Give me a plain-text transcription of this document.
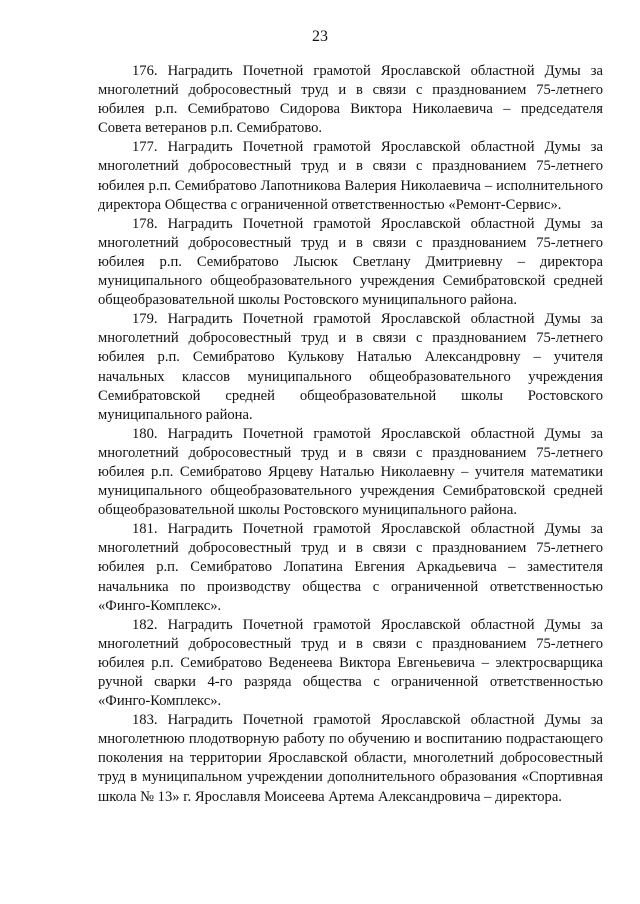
23

176. Наградить Почетной грамотой Ярославской областной Думы за многолетний добросовестный труд и в связи с празднованием 75-летнего юбилея р.п. Семибратово Сидорова Виктора Николаевича – председателя Совета ветеранов р.п. Семибратово.

177. Наградить Почетной грамотой Ярославской областной Думы за многолетний добросовестный труд и в связи с празднованием 75-летнего юбилея р.п. Семибратово Лапотникова Валерия Николаевича – исполнительного директора Общества с ограниченной ответственностью «Ремонт-Сервис».

178. Наградить Почетной грамотой Ярославской областной Думы за многолетний добросовестный труд и в связи с празднованием 75-летнего юбилея р.п. Семибратово Лысюк Светлану Дмитриевну – директора муниципального общеобразовательного учреждения Семибратовской средней общеобразовательной школы Ростовского муниципального района.

179. Наградить Почетной грамотой Ярославской областной Думы за многолетний добросовестный труд и в связи с празднованием 75-летнего юбилея р.п. Семибратово Кулькову Наталью Александровну – учителя начальных классов муниципального общеобразовательного учреждения Семибратовской средней общеобразовательной школы Ростовского муниципального района.

180. Наградить Почетной грамотой Ярославской областной Думы за многолетний добросовестный труд и в связи с празднованием 75-летнего юбилея р.п. Семибратово Ярцеву Наталью Николаевну – учителя математики муниципального общеобразовательного учреждения Семибратовской средней общеобразовательной школы Ростовского муниципального района.

181. Наградить Почетной грамотой Ярославской областной Думы за многолетний добросовестный труд и в связи с празднованием 75-летнего юбилея р.п. Семибратово Лопатина Евгения Аркадьевича – заместителя начальника по производству общества с ограниченной ответственностью «Финго-Комплекс».

182. Наградить Почетной грамотой Ярославской областной Думы за многолетний добросовестный труд и в связи с празднованием 75-летнего юбилея р.п. Семибратово Веденеева Виктора Евгеньевича – электросварщика ручной сварки 4-го разряда общества с ограниченной ответственностью «Финго-Комплекс».

183. Наградить Почетной грамотой Ярославской областной Думы за многолетнюю плодотворную работу по обучению и воспитанию подрастающего поколения на территории Ярославской области, многолетний добросовестный труд в муниципальном учреждении дополнительного образования «Спортивная школа № 13» г. Ярославля Моисеева Артема Александровича – директора.
